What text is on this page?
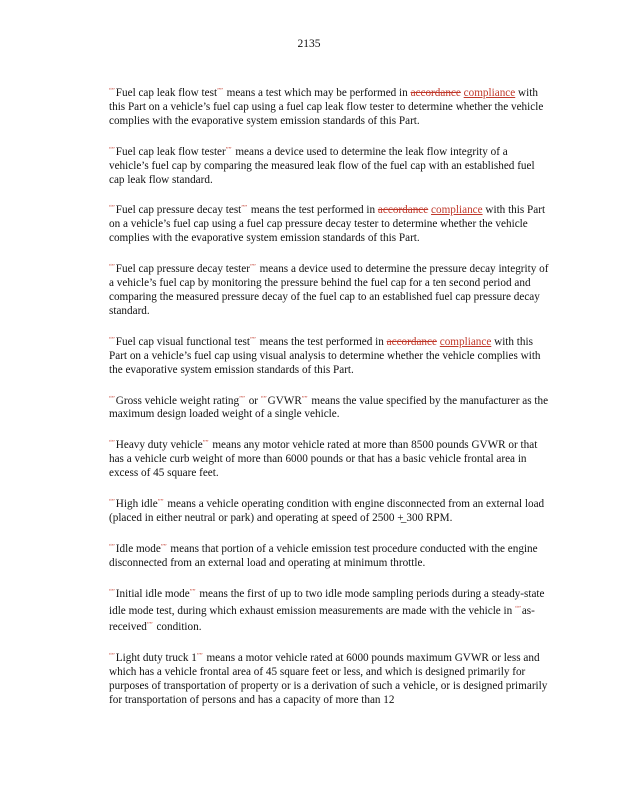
2135

“”Fuel cap leak flow test”” means a test which may be performed in accordance compliance with this Part on a vehicle’s fuel cap using a fuel cap leak flow tester to determine whether the vehicle complies with the evaporative system emission standards of this Part.

“”Fuel cap leak flow tester”” means a device used to determine the leak flow integrity of a vehicle’s fuel cap by comparing the measured leak flow of the fuel cap with an established fuel cap leak flow standard.

“”Fuel cap pressure decay test”” means the test performed in accordance compliance with this Part on a vehicle’s fuel cap using a fuel cap pressure decay tester to determine whether the vehicle complies with the evaporative system emission standards of this Part.

“”Fuel cap pressure decay tester”” means a device used to determine the pressure decay integrity of a vehicle’s fuel cap by monitoring the pressure behind the fuel cap for a ten second period and comparing the measured pressure decay of the fuel cap to an established fuel cap pressure decay standard.

“”Fuel cap visual functional test”” means the test performed in accordance compliance with this Part on a vehicle’s fuel cap using visual analysis to determine whether the vehicle complies with the evaporative system emission standards of this Part.

“”Gross vehicle weight rating”” or “”GVWR”” means the value specified by the manufacturer as the maximum design loaded weight of a single vehicle.

“”Heavy duty vehicle”” means any motor vehicle rated at more than 8500 pounds GVWR or that has a vehicle curb weight of more than 6000 pounds or that has a basic vehicle frontal area in excess of 45 square feet.

“”High idle”” means a vehicle operating condition with engine disconnected from an external load (placed in either neutral or park) and operating at speed of 2500 +̲ 300 RPM.

“”Idle mode”” means that portion of a vehicle emission test procedure conducted with the engine disconnected from an external load and operating at minimum throttle.

“”Initial idle mode”” means the first of up to two idle mode sampling periods during a steady-state idle mode test, during which exhaust emission measurements are made with the vehicle in “”as-received”” condition.

“”Light duty truck 1”” means a motor vehicle rated at 6000 pounds maximum GVWR or less and which has a vehicle frontal area of 45 square feet or less, and which is designed primarily for purposes of transportation of property or is a derivation of such a vehicle, or is designed primarily for transportation of persons and has a capacity of more than 12
